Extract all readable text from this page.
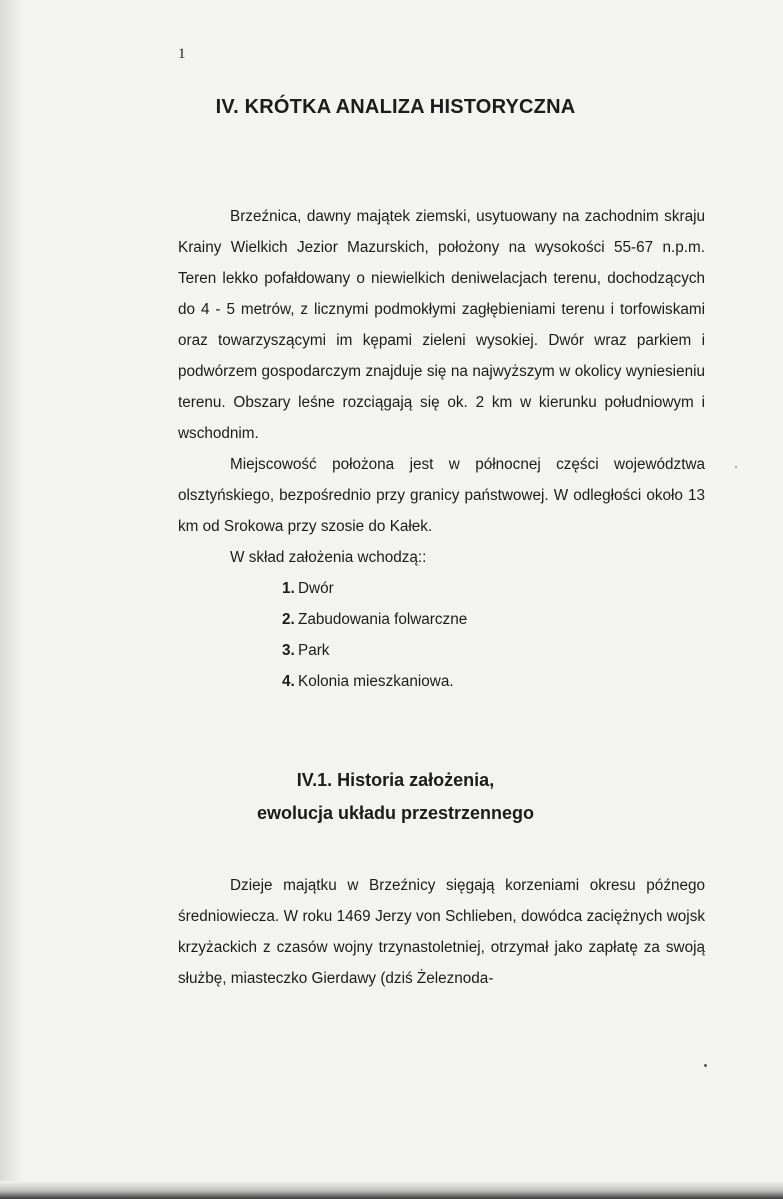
1
IV. KRÓTKA ANALIZA HISTORYCZNA

Brzeźnica, dawny majątek ziemski, usytuowany na zachodnim skraju Krainy Wielkich Jezior Mazurskich, położony na wysokości 55-67 n.p.m. Teren lekko pofałdowany o niewielkich deniwelacjach terenu, dochodzących do 4 - 5 metrów, z licznymi podmokłymi zagłębieniami terenu i torfowiskami oraz towarzyszącymi im kępami zieleni wysokiej. Dwór wraz parkiem i podwórzem gospodarczym znajduje się na najwyższym w okolicy wyniesieniu terenu. Obszary leśne rozciągają się ok. 2 km w kierunku południowym i wschodnim.

Miejscowość położona jest w północnej części województwa olsztyńskiego, bezpośrednio przy granicy państwowej. W odległości około 13 km od Srokowa przy szosie do Kałek.

W skład założenia wchodzą::

1. Dwór
2. Zabudowania folwarczne
3. Park
4. Kolonia mieszkaniowa.
IV.1. Historia założenia,
ewolucja układu przestrzennego

Dzieje majątku w Brzeźnicy sięgają korzeniami okresu późnego średniowiecza. W roku 1469 Jerzy von Schlieben, dowódca zaciężnych wojsk krzyżackich z czasów wojny trzynastoletniej, otrzymał jako zapłatę za swoją służbę, miasteczko Gierdawy (dziś Żeleznoda-
